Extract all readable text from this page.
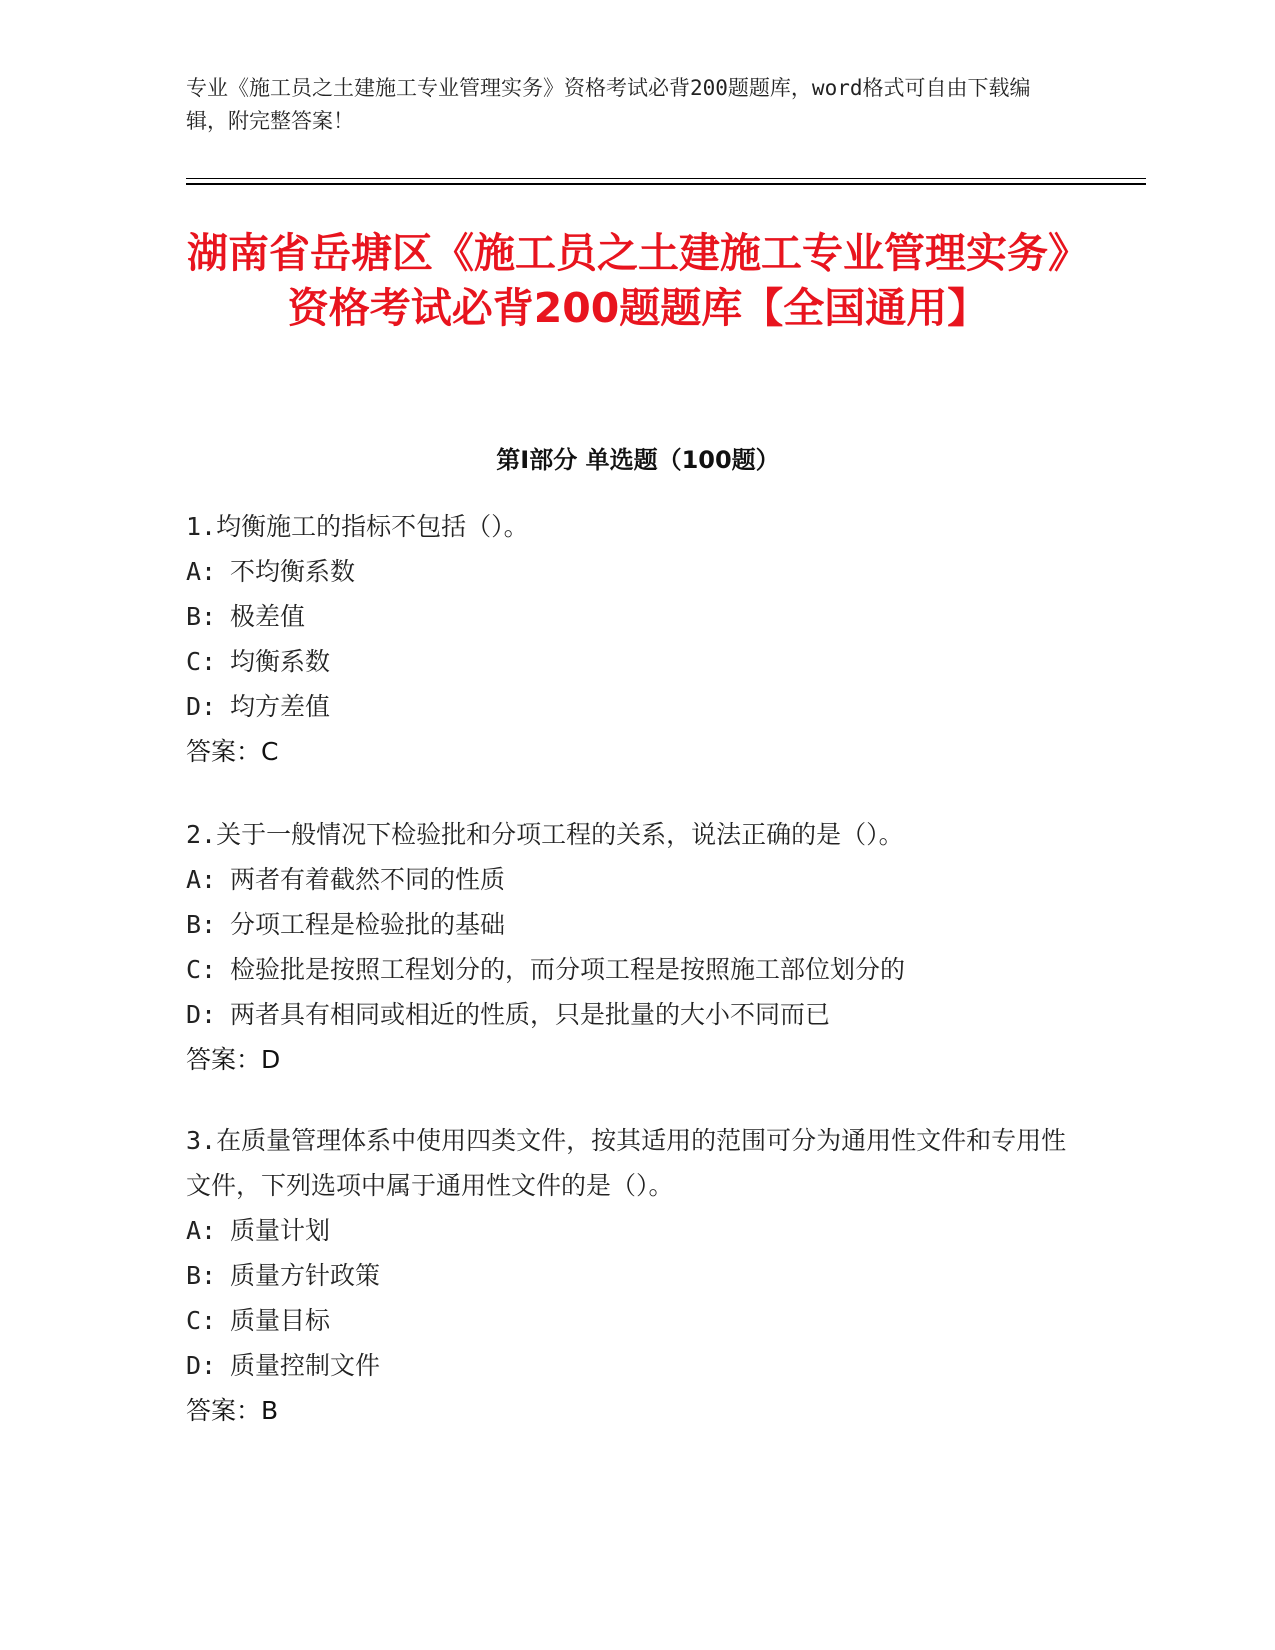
专业《施工员之土建施工专业管理实务》资格考试必背200题题库，word格式可自由下载编辑，附完整答案！
湖南省岳塘区《施工员之土建施工专业管理实务》资格考试必背200题题库【全国通用】
第I部分 单选题（100题）

1.均衡施工的指标不包括（）。

A: 不均衡系数

B: 极差值

C: 均衡系数

D: 均方差值

答案：C

2.关于一般情况下检验批和分项工程的关系，说法正确的是（）。

A: 两者有着截然不同的性质

B: 分项工程是检验批的基础

C: 检验批是按照工程划分的，而分项工程是按照施工部位划分的

D: 两者具有相同或相近的性质，只是批量的大小不同而已

答案：D

3.在质量管理体系中使用四类文件，按其适用的范围可分为通用性文件和专用性文件，下列选项中属于通用性文件的是（）。

A: 质量计划

B: 质量方针政策

C: 质量目标

D: 质量控制文件

答案：B
